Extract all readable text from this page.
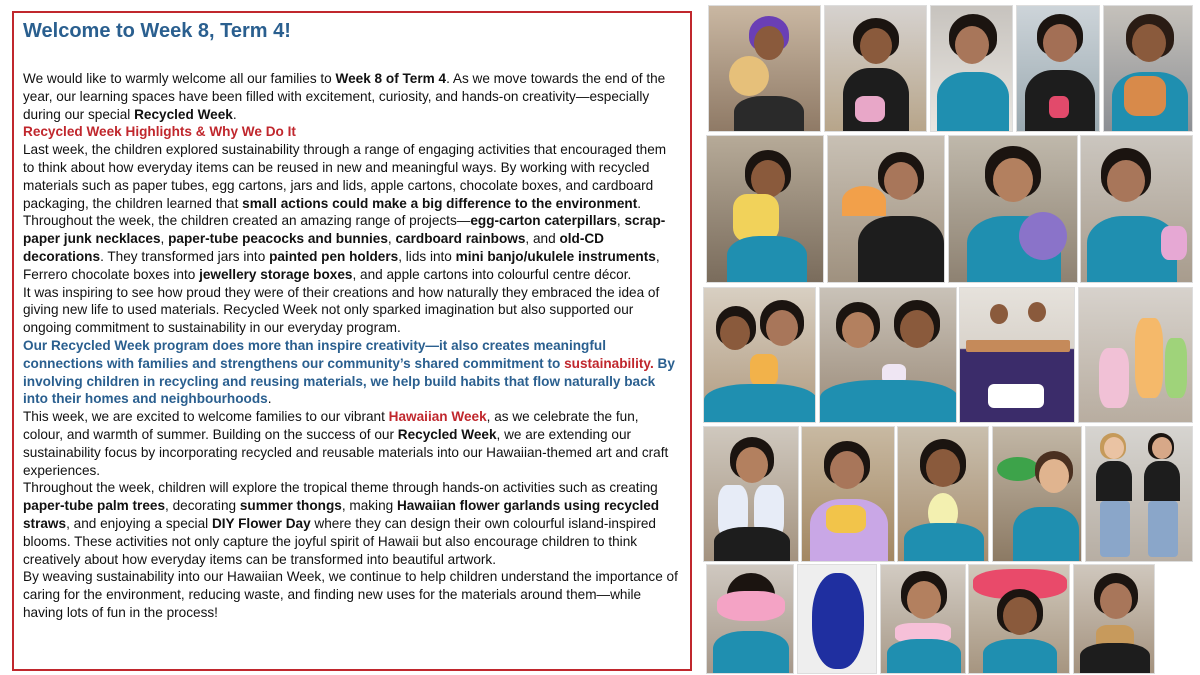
Welcome to Week 8, Term 4!

We would like to warmly welcome all our families to Week 8 of Term 4. As we move towards the end of the year, our learning spaces have been filled with excitement, curiosity, and hands-on creativity—especially during our special Recycled Week.

Recycled Week Highlights & Why We Do It

Last week, the children explored sustainability through a range of engaging activities that encouraged them to think about how everyday items can be reused in new and meaningful ways. By working with recycled materials such as paper tubes, egg cartons, jars and lids, apple cartons, chocolate boxes, and cardboard packaging, the children learned that small actions could make a big difference to the environment.

Throughout the week, the children created an amazing range of projects—egg-carton caterpillars, scrap-paper junk necklaces, paper-tube peacocks and bunnies, cardboard rainbows, and old-CD decorations. They transformed jars into painted pen holders, lids into mini banjo/ukulele instruments, Ferrero chocolate boxes into jewellery storage boxes, and apple cartons into colourful centre décor.

It was inspiring to see how proud they were of their creations and how naturally they embraced the idea of giving new life to used materials. Recycled Week not only sparked imagination but also supported our ongoing commitment to sustainability in our everyday program.

Our Recycled Week program does more than inspire creativity—it also creates meaningful connections with families and strengthens our community’s shared commitment to sustainability. By involving children in recycling and reusing materials, we help build habits that flow naturally back into their homes and neighbourhoods.

This week, we are excited to welcome families to our vibrant Hawaiian Week, as we celebrate the fun, colour, and warmth of summer. Building on the success of our Recycled Week, we are extending our sustainability focus by incorporating recycled and reusable materials into our Hawaiian-themed art and craft experiences.

Throughout the week, children will explore the tropical theme through hands-on activities such as creating paper-tube palm trees, decorating summer thongs, making Hawaiian flower garlands using recycled straws, and enjoying a special DIY Flower Day where they can design their own colourful island-inspired blooms. These activities not only capture the joyful spirit of Hawaii but also encourage children to think creatively about how everyday items can be transformed into beautiful artwork.

By weaving sustainability into our Hawaiian Week, we continue to help children understand the importance of caring for the environment, reducing waste, and finding new uses for the materials around them—while having lots of fun in the process!
